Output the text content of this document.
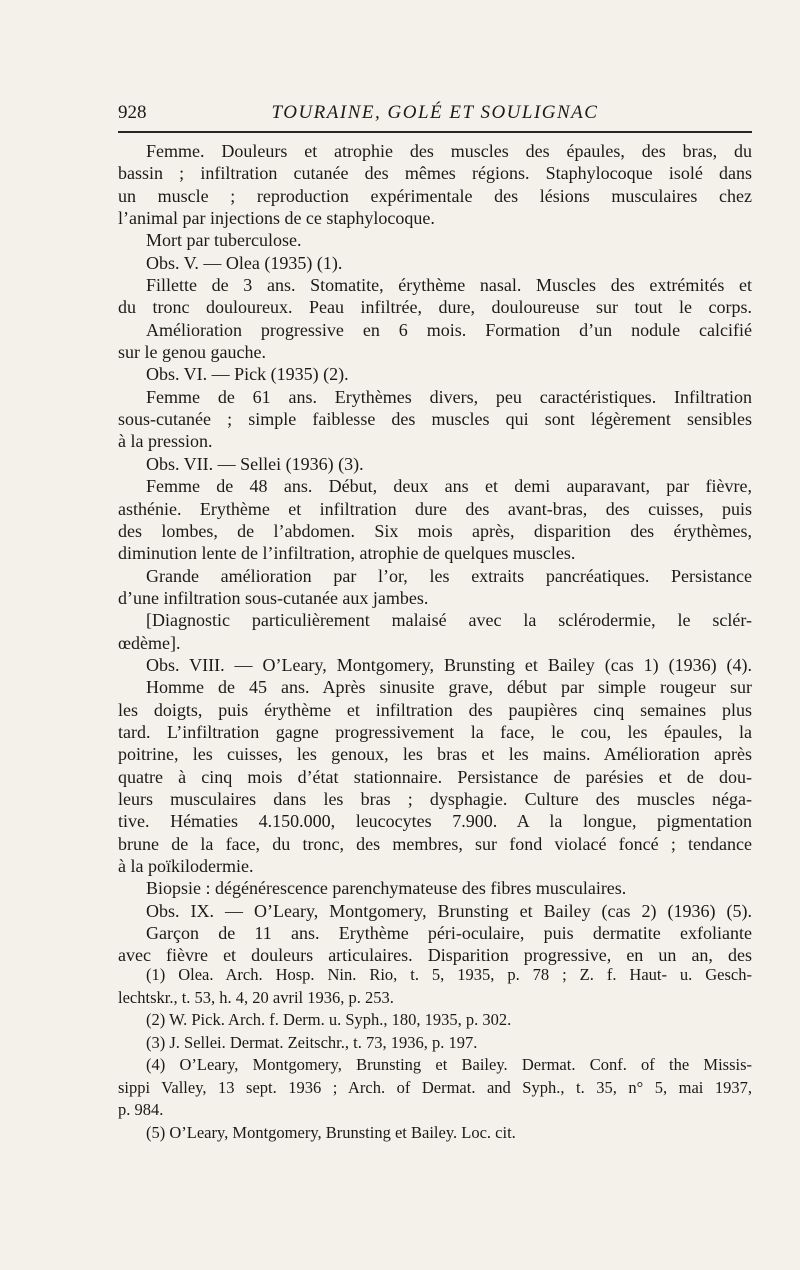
928	TOURAINE, GOLÉ ET SOULIGNAC
Femme. Douleurs et atrophie des muscles des épaules, des bras, du
bassin ; infiltration cutanée des mêmes régions. Staphylocoque isolé dans
un muscle ; reproduction expérimentale des lésions musculaires chez
l’animal par injections de ce staphylocoque.
Mort par tuberculose.
Obs. V. — Olea (1935) (1).
Fillette de 3 ans. Stomatite, érythème nasal. Muscles des extrémités et
du tronc douloureux. Peau infiltrée, dure, douloureuse sur tout le corps.
Amélioration progressive en 6 mois. Formation d’un nodule calcifié
sur le genou gauche.
Obs. VI. — Pick (1935) (2).
Femme de 61 ans. Erythèmes divers, peu caractéristiques. Infiltration
sous-cutanée ; simple faiblesse des muscles qui sont légèrement sensibles
à la pression.
Obs. VII. — Sellei (1936) (3).
Femme de 48 ans. Début, deux ans et demi auparavant, par fièvre,
asthénie. Erythème et infiltration dure des avant-bras, des cuisses, puis
des lombes, de l’abdomen. Six mois après, disparition des érythèmes,
diminution lente de l’infiltration, atrophie de quelques muscles.
Grande amélioration par l’or, les extraits pancréatiques. Persistance
d’une infiltration sous-cutanée aux jambes.
[Diagnostic particulièrement malaisé avec la sclérodermie, le sclér-
œdème].
Obs. VIII. — O’Leary, Montgomery, Brunsting et Bailey (cas 1) (1936) (4).
Homme de 45 ans. Après sinusite grave, début par simple rougeur sur
les doigts, puis érythème et infiltration des paupières cinq semaines plus
tard. L’infiltration gagne progressivement la face, le cou, les épaules, la
poitrine, les cuisses, les genoux, les bras et les mains. Amélioration après
quatre à cinq mois d’état stationnaire. Persistance de parésies et de dou-
leurs musculaires dans les bras ; dysphagie. Culture des muscles néga-
tive. Hématies 4.150.000, leucocytes 7.900. A la longue, pigmentation
brune de la face, du tronc, des membres, sur fond violacé foncé ; tendance
à la poïkilodermie.
Biopsie : dégénérescence parenchymateuse des fibres musculaires.
Obs. IX. — O’Leary, Montgomery, Brunsting et Bailey (cas 2) (1936) (5).
Garçon de 11 ans. Erythème péri-oculaire, puis dermatite exfoliante
avec fièvre et douleurs articulaires. Disparition progressive, en un an, des
(1) Olea. Arch. Hosp. Nin. Rio, t. 5, 1935, p. 78 ; Z. f. Haut- u. Gesch-
lechtskr., t. 53, h. 4, 20 avril 1936, p. 253.
(2) W. Pick. Arch. f. Derm. u. Syph., 180, 1935, p. 302.
(3) J. Sellei. Dermat. Zeitschr., t. 73, 1936, p. 197.
(4) O’Leary, Montgomery, Brunsting et Bailey. Dermat. Conf. of the Missis-
sippi Valley, 13 sept. 1936 ; Arch. of Dermat. and Syph., t. 35, n° 5, mai 1937,
p. 984.
(5) O’Leary, Montgomery, Brunsting et Bailey. Loc. cit.
